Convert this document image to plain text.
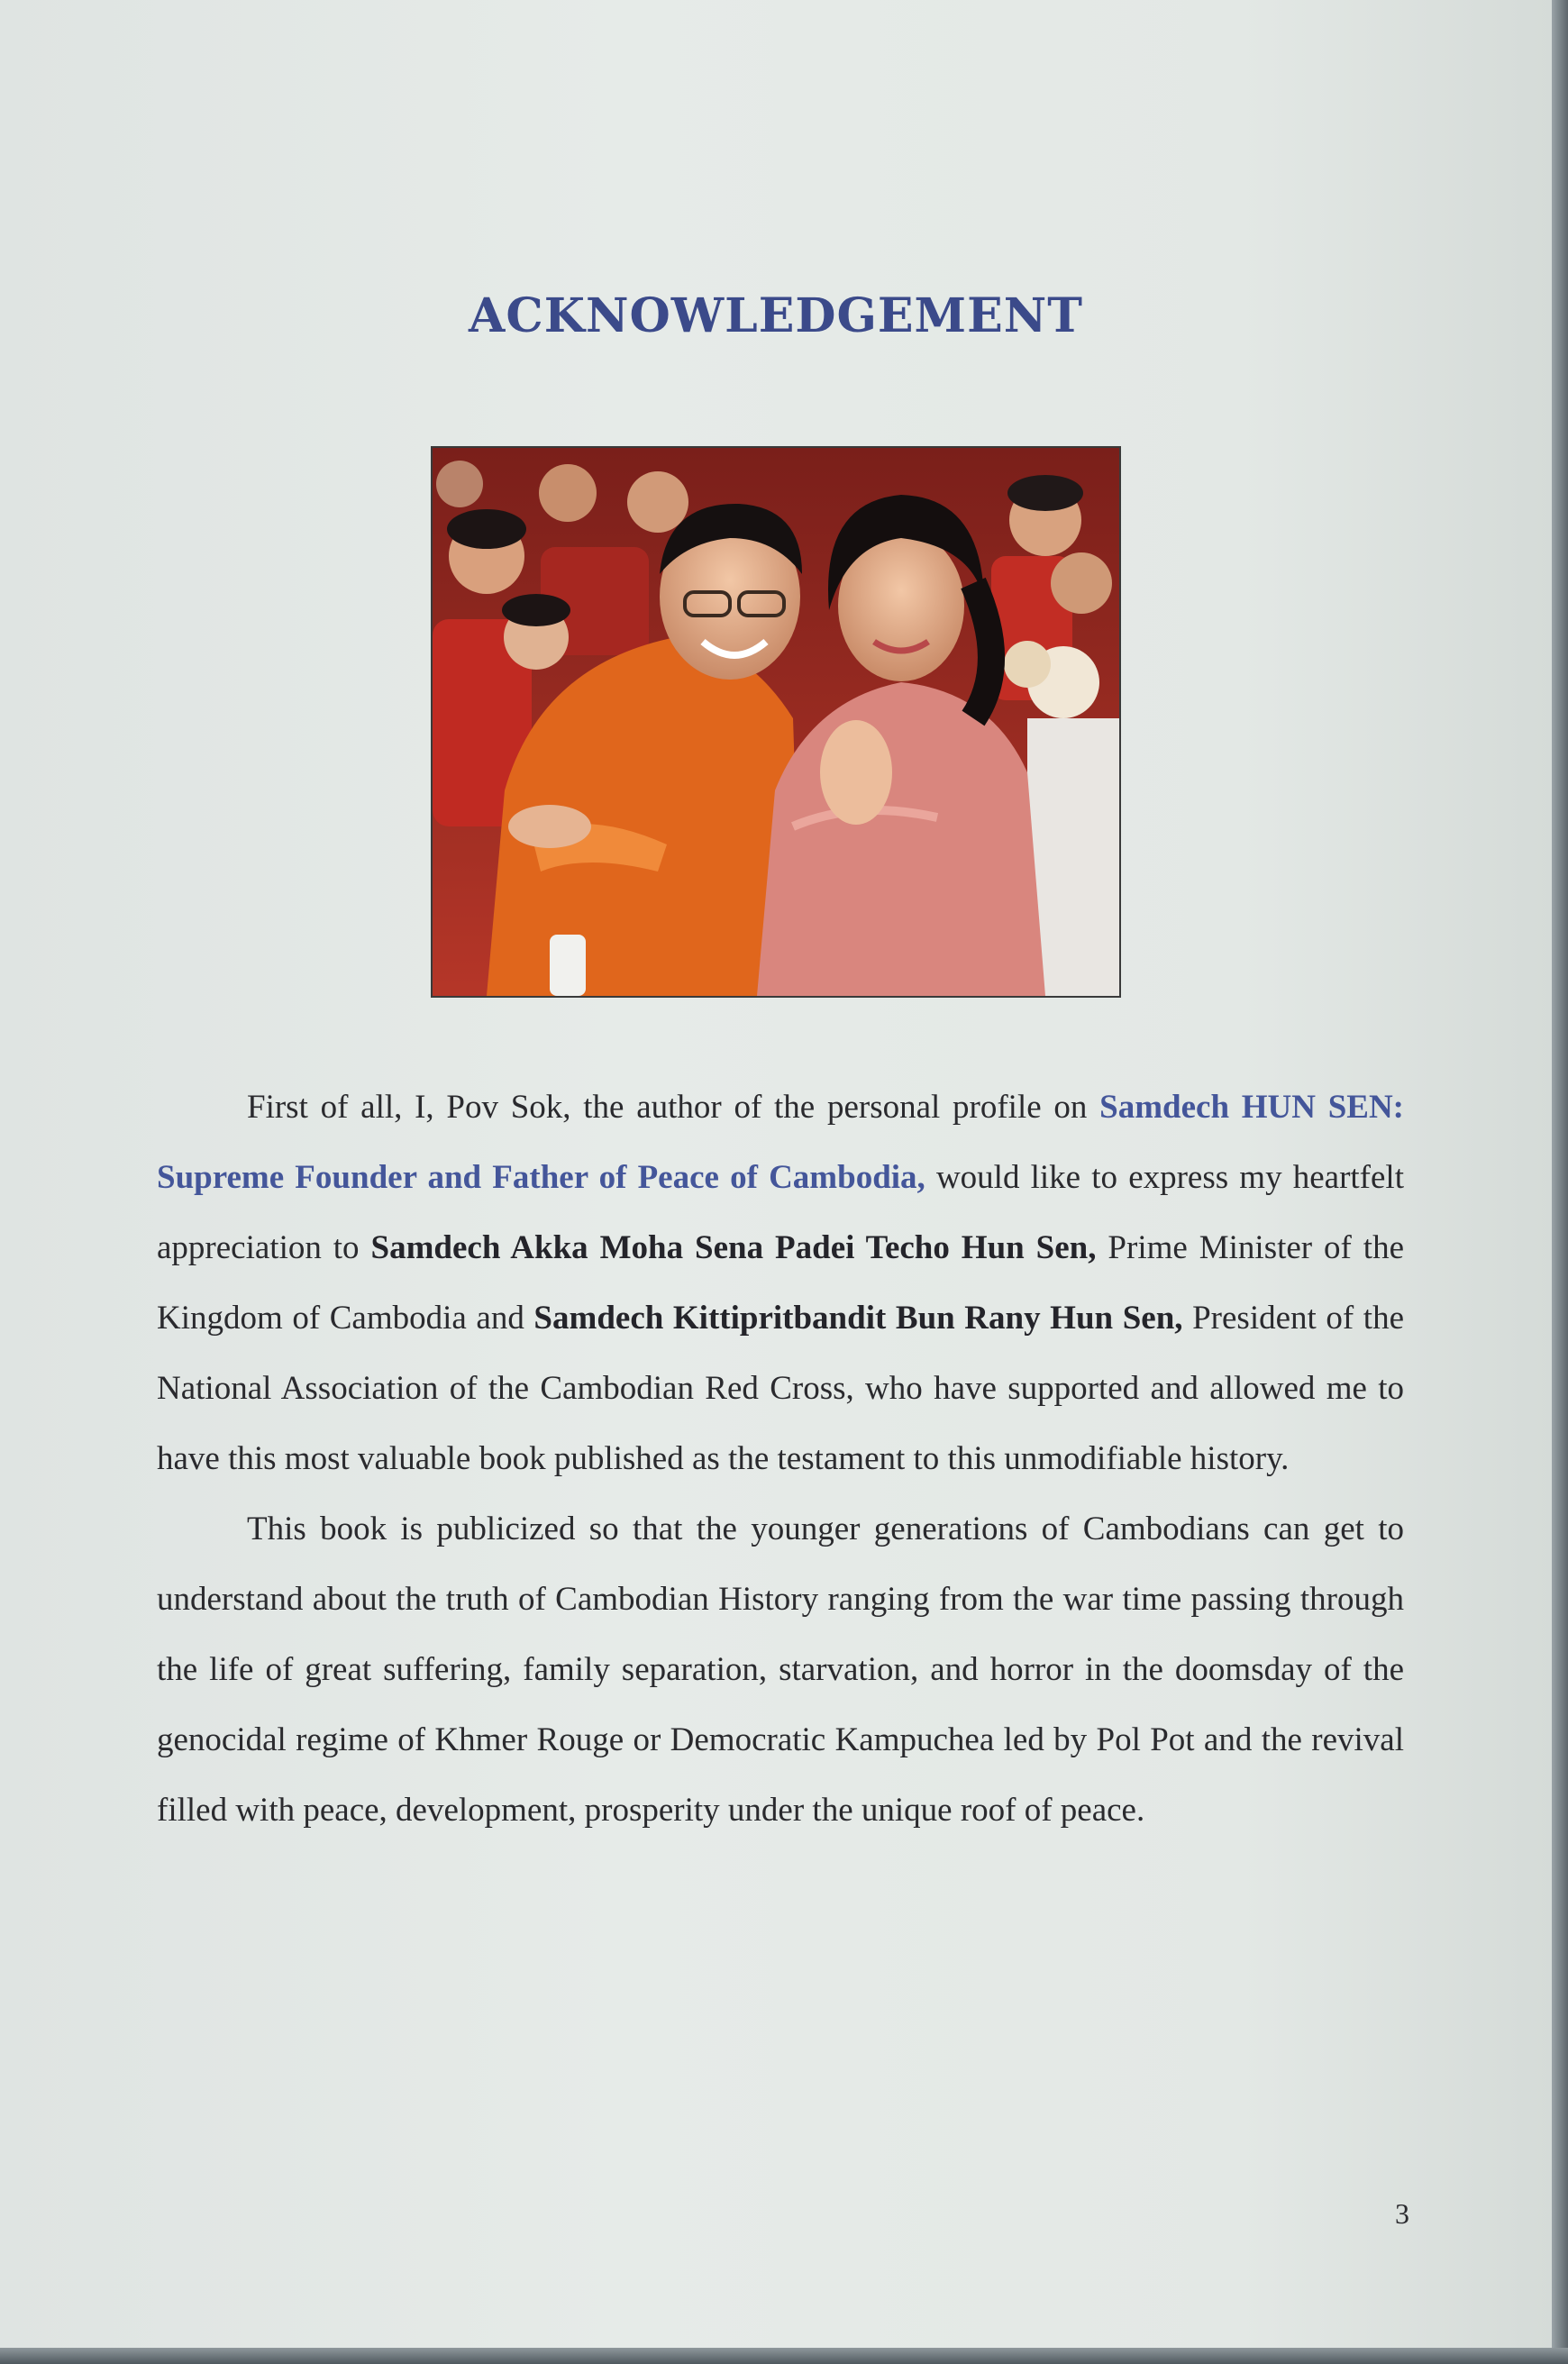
ACKNOWLEDGEMENT

First of all, I, Pov Sok, the author of the personal profile on Samdech HUN SEN: Supreme Founder and Father of Peace of Cambodia, would like to express my heartfelt appreciation to Samdech Akka Moha Sena Padei Techo Hun Sen, Prime Minister of the Kingdom of Cambodia and Samdech Kittipritbandit Bun Rany Hun Sen, President of the National Association of the Cambodian Red Cross, who have supported and allowed me to have this most valuable book published as the testament to this unmodifiable history.

This book is publicized so that the younger generations of Cambodians can get to understand about the truth of Cambodian History ranging from the war time passing through the life of great suffering, family separation, starvation, and horror in the doomsday of the genocidal regime of Khmer Rouge or Democratic Kampuchea led by Pol Pot and the revival filled with peace, development, prosperity under the unique roof of peace.

3
